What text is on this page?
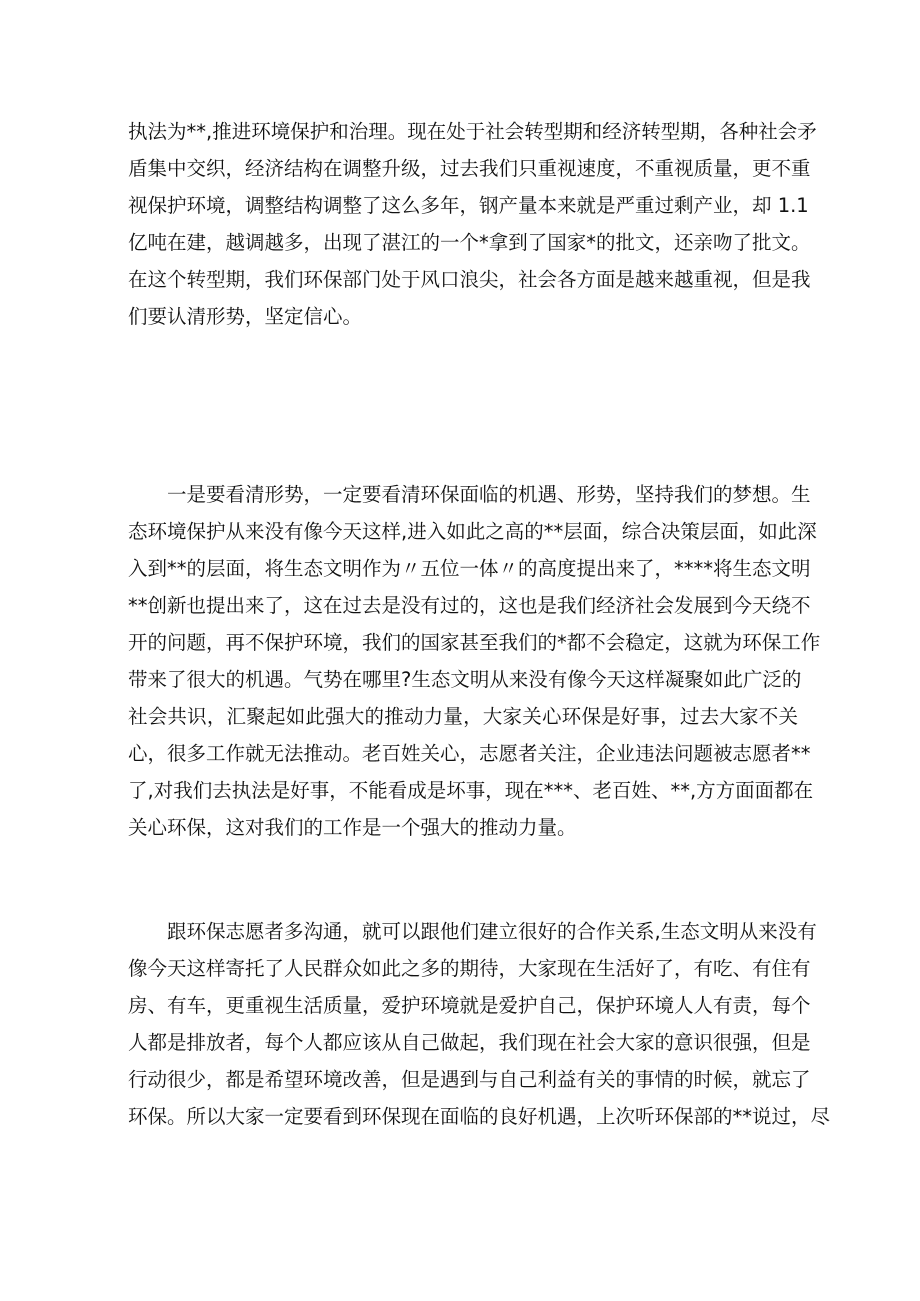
执法为**,推进环境保护和治理。现在处于社会转型期和经济转型期，各种社会矛
盾集中交织，经济结构在调整升级，过去我们只重视速度，不重视质量，更不重
视保护环境，调整结构调整了这么多年，钢产量本来就是严重过剩产业，却 1.1
亿吨在建，越调越多，出现了湛江的一个*拿到了国家*的批文，还亲吻了批文。
在这个转型期，我们环保部门处于风口浪尖，社会各方面是越来越重视，但是我
们要认清形势，坚定信心。
　　一是要看清形势，一定要看清环保面临的机遇、形势，坚持我们的梦想。生
态环境保护从来没有像今天这样,进入如此之高的**层面，综合决策层面，如此深
入到**的层面，将生态文明作为〃五位一体〃的高度提出来了，****将生态文明
**创新也提出来了，这在过去是没有过的，这也是我们经济社会发展到今天绕不
开的问题，再不保护环境，我们的国家甚至我们的*都不会稳定，这就为环保工作
带来了很大的机遇。气势在哪里?生态文明从来没有像今天这样凝聚如此广泛的
社会共识，汇聚起如此强大的推动力量，大家关心环保是好事，过去大家不关
心，很多工作就无法推动。老百姓关心，志愿者关注，企业违法问题被志愿者**
了,对我们去执法是好事，不能看成是坏事，现在***、老百姓、**,方方面面都在
关心环保，这对我们的工作是一个强大的推动力量。
　　跟环保志愿者多沟通，就可以跟他们建立很好的合作关系,生态文明从来没有
像今天这样寄托了人民群众如此之多的期待，大家现在生活好了，有吃、有住有
房、有车，更重视生活质量，爱护环境就是爱护自己，保护环境人人有责，每个
人都是排放者，每个人都应该从自己做起，我们现在社会大家的意识很强，但是
行动很少，都是希望环境改善，但是遇到与自己利益有关的事情的时候，就忘了
环保。所以大家一定要看到环保现在面临的良好机遇，上次听环保部的**说过，尽
